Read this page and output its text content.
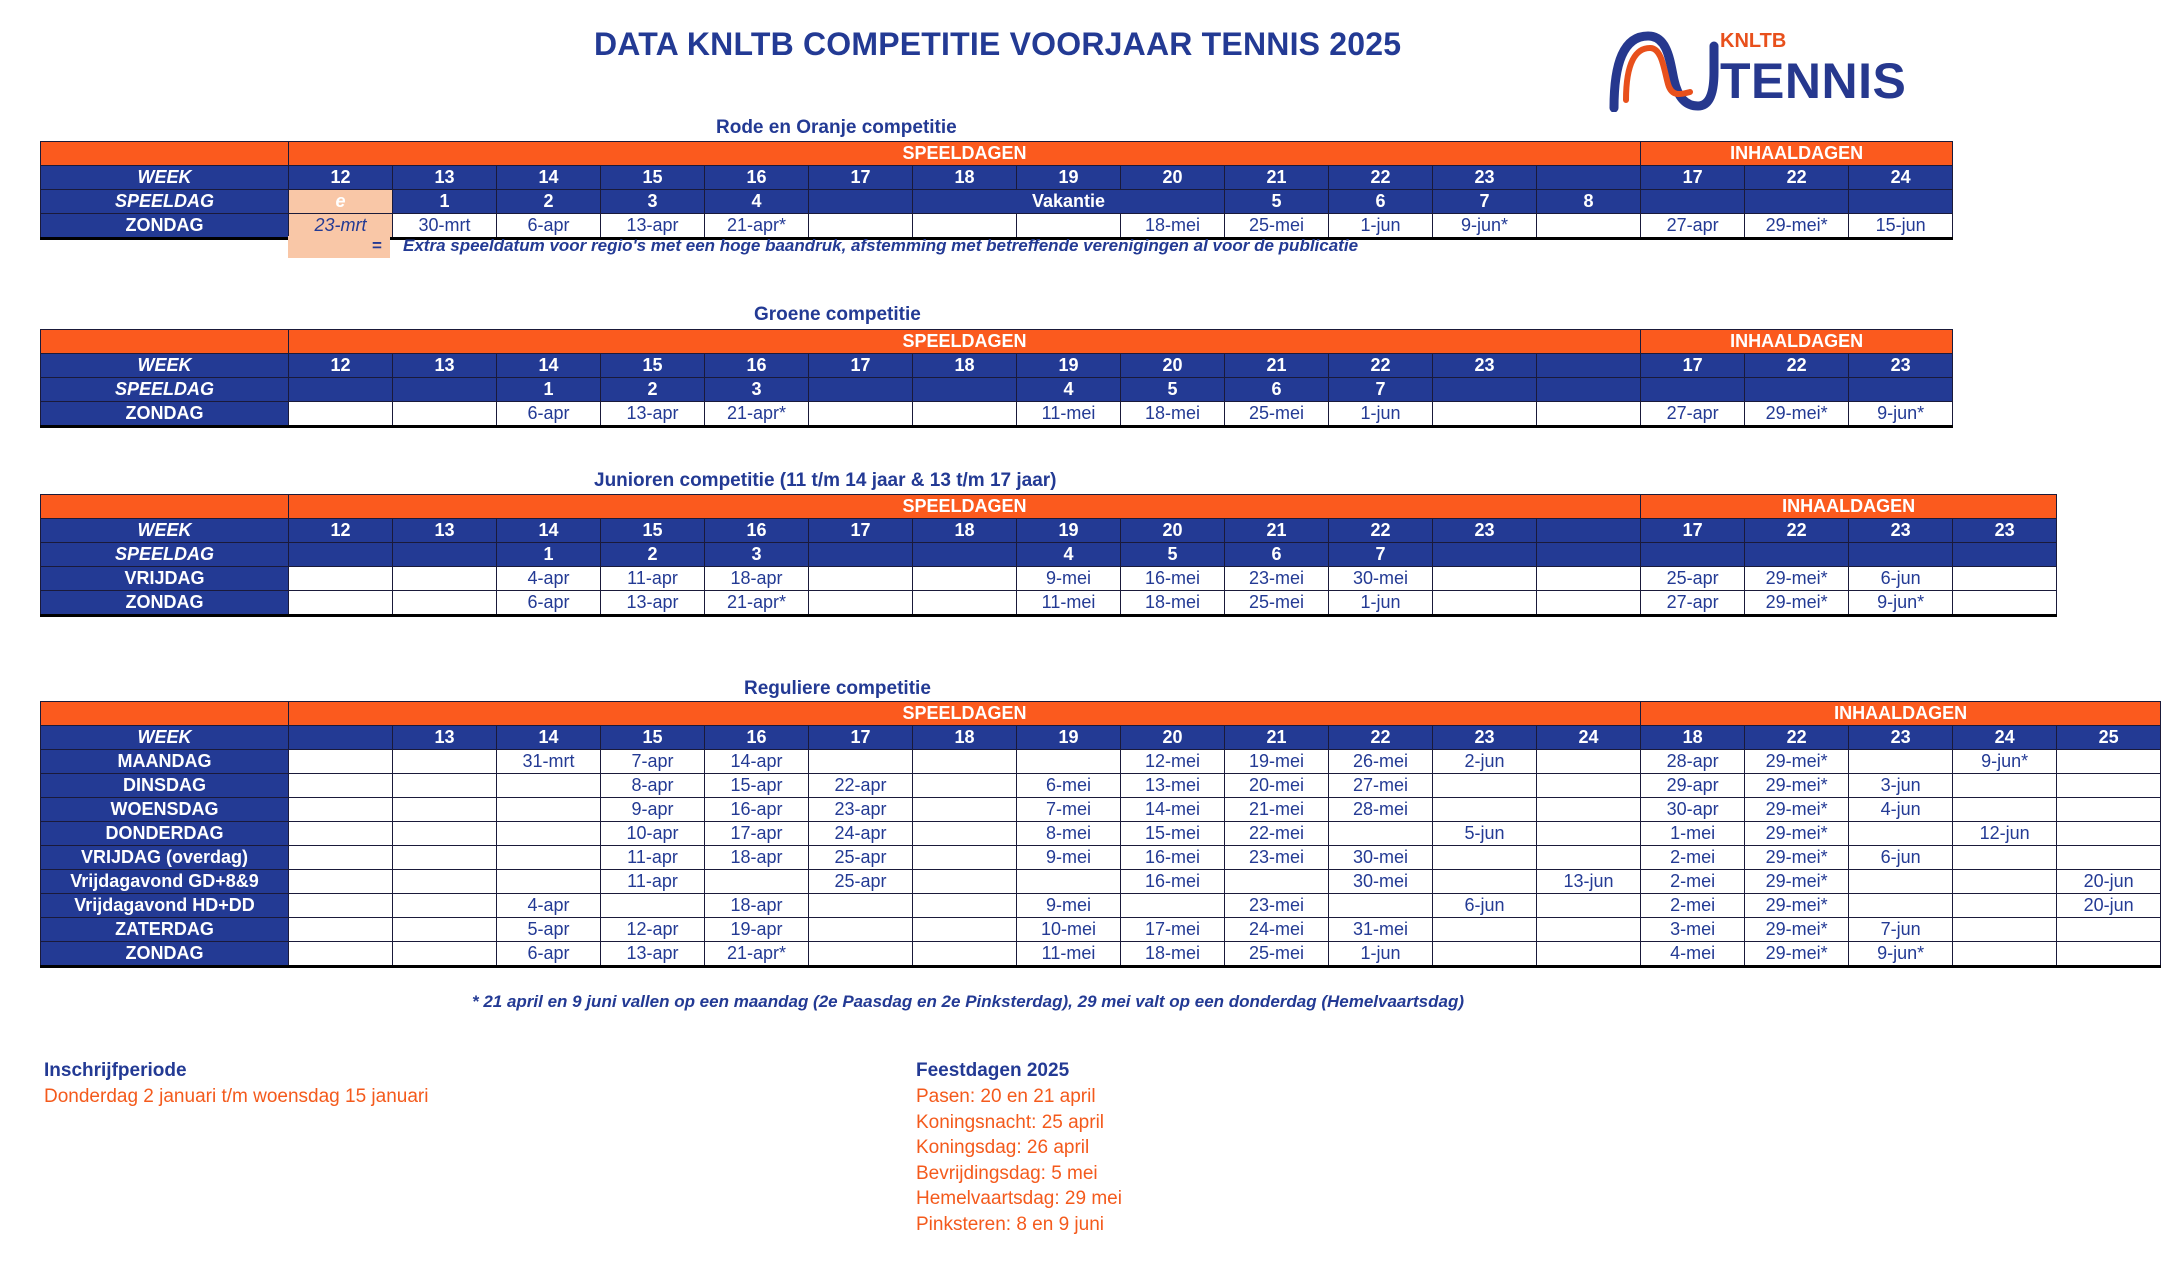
DATA KNLTB COMPETITIE VOORJAAR TENNIS 2025	KNLTB
TENNIS
Rode en Oranje competitie
	SPEELDAGEN													INHAALDAGEN			
WEEK	12	13	14	15	16	17	18	19	20	21	22	23		17	22	24	
SPEELDAG	e	1	2	3	4		Vakantie			5	6	7	8				
ZONDAG	23-mrt	30-mrt	6-apr	13-apr	21-apr*				18-mei	25-mei	1-jun	9-jun*		27-apr	29-mei*	15-jun	
= Extra speeldatum voor regio's met een hoge baandruk, afstemming met betreffende verenigingen al voor de publicatie
Groene competitie
	SPEELDAGEN													INHAALDAGEN		
WEEK	12	13	14	15	16	17	18	19	20	21	22	23		17	22	23
SPEELDAG			1	2	3			4	5	6	7					
ZONDAG			6-apr	13-apr	21-apr*			11-mei	18-mei	25-mei	1-jun			27-apr	29-mei*	9-jun*
Junioren competitie (11 t/m 14 jaar & 13 t/m 17 jaar)
	SPEELDAGEN													INHAALDAGEN			
WEEK	12	13	14	15	16	17	18	19	20	21	22	23		17	22	23	23
SPEELDAG			1	2	3			4	5	6	7						
VRIJDAG			4-apr	11-apr	18-apr			9-mei	16-mei	23-mei	30-mei			25-apr	29-mei*	6-jun	
ZONDAG			6-apr	13-apr	21-apr*			11-mei	18-mei	25-mei	1-jun			27-apr	29-mei*	9-jun*	
Reguliere competitie
	SPEELDAGEN													INHAALDAGEN				
WEEK		13	14	15	16	17	18	19	20	21	22	23	24	18	22	23	24	25
MAANDAG			31-mrt	7-apr	14-apr				12-mei	19-mei	26-mei	2-jun		28-apr	29-mei*		9-jun*	
DINSDAG				8-apr	15-apr	22-apr		6-mei	13-mei	20-mei	27-mei			29-apr	29-mei*	3-jun		
WOENSDAG				9-apr	16-apr	23-apr		7-mei	14-mei	21-mei	28-mei			30-apr	29-mei*	4-jun		
DONDERDAG				10-apr	17-apr	24-apr		8-mei	15-mei	22-mei		5-jun		1-mei	29-mei*		12-jun	
VRIJDAG (overdag)				11-apr	18-apr	25-apr		9-mei	16-mei	23-mei	30-mei			2-mei	29-mei*	6-jun		
Vrijdagavond GD+8&9				11-apr		25-apr			16-mei		30-mei		13-jun	2-mei	29-mei*			20-jun
Vrijdagavond HD+DD			4-apr		18-apr			9-mei		23-mei		6-jun		2-mei	29-mei*			20-jun
ZATERDAG			5-apr	12-apr	19-apr			10-mei	17-mei	24-mei	31-mei			3-mei	29-mei*	7-jun		
ZONDAG			6-apr	13-apr	21-apr*			11-mei	18-mei	25-mei	1-jun			4-mei	29-mei*	9-jun*		
* 21 april en 9 juni vallen op een maandag (2e Paasdag en 2e Pinksterdag), 29 mei valt op een donderdag (Hemelvaartsdag)
Inschrijfperiode
Donderdag 2 januari t/m woensdag 15 januari
Feestdagen 2025
Pasen: 20 en 21 april
Koningsnacht: 25 april
Koningsdag: 26 april
Bevrijdingsdag: 5 mei
Hemelvaartsdag: 29 mei
Pinksteren: 8 en 9 juni
